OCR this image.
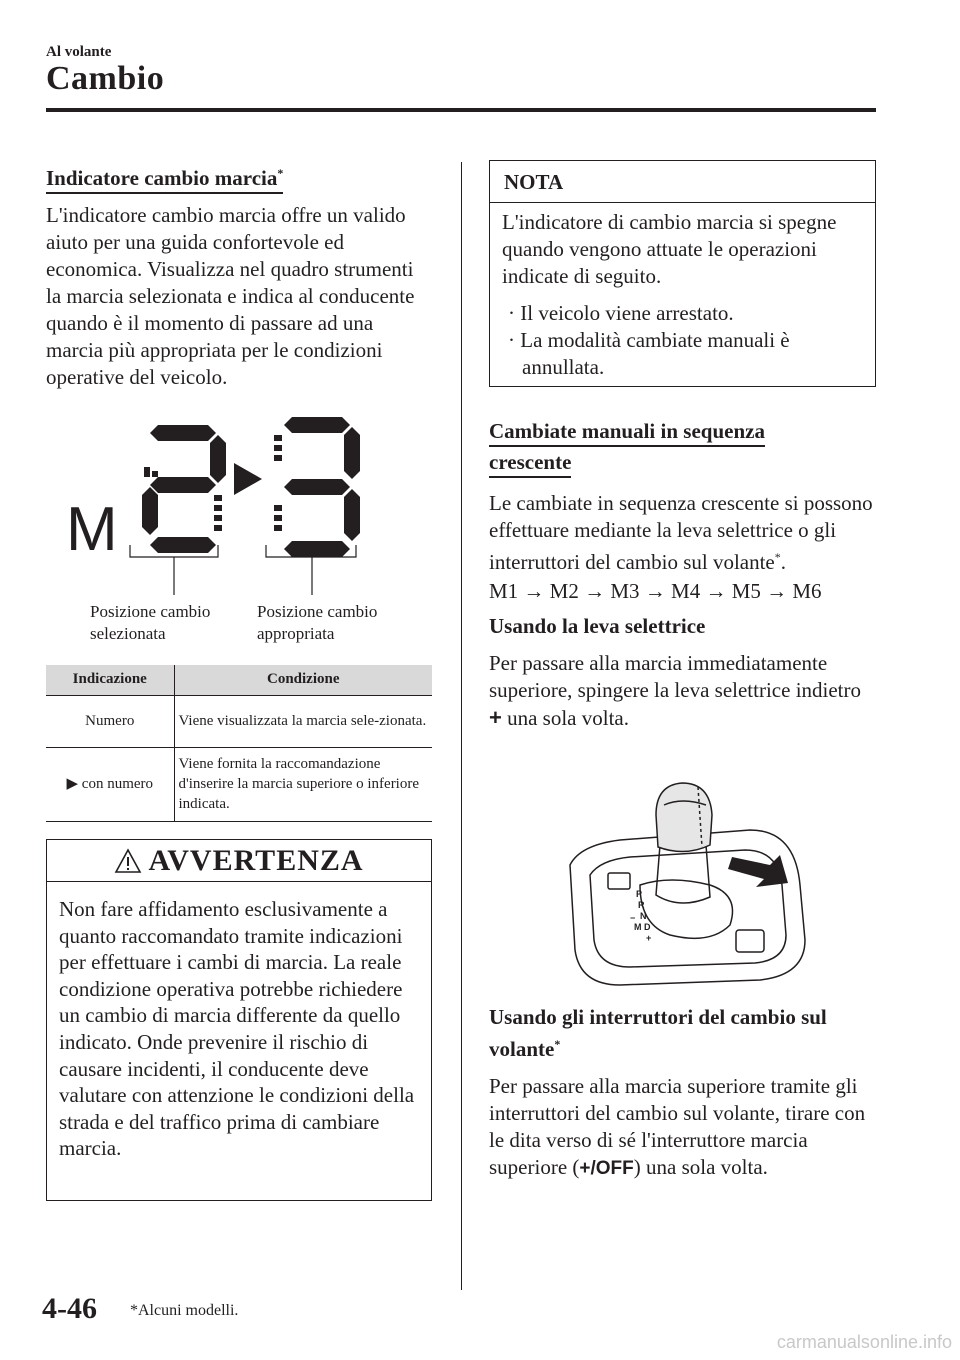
Al volante
Cambio
Indicatore cambio marcia*

L'indicatore cambio marcia offre un valido aiuto per una guida confortevole ed economica. Visualizza nel quadro strumenti la marcia selezionata e indica al conducente quando è il momento di passare ad una marcia più appropriata per le condizioni operative del veicolo.

M
Posizione cambio
selezionata
Posizione cambio
appropriata
Indicazione	Condizione
Numero	Viene visualizzata la marcia sele-zionata.
▶ con numero	Viene fornita la raccomandazione d'inserire la marcia superiore o inferiore indicata.
AVVERTENZA

Non fare affidamento esclusivamente a quanto raccomandato tramite indicazioni per effettuare i cambi di marcia. La reale condizione operativa potrebbe richiedere un cambio di marcia differente da quello indicato. Onde prevenire il rischio di causare incidenti, il conducente deve valutare con attenzione le condizioni della strada e del traffico prima di cambiare marcia.

NOTA

L'indicatore di cambio marcia si spegne quando vengono attuate le operazioni indicate di seguito.

· Il veicolo viene arrestato.

· La modalità cambiate manuali è annullata.

Cambiate manuali in sequenza
crescente

Le cambiate in sequenza crescente si possono effettuare mediante la leva selettrice o gli interruttori del cambio sul volante*.

M1 → M2 → M3 → M4 → M5 → M6

Usando la leva selettrice

Per passare alla marcia immediatamente superiore, spingere la leva selettrice indietro + una sola volta.

P
R
N
D
M
+
−

Usando gli interruttori del cambio sul volante*

Per passare alla marcia superiore tramite gli interruttori del cambio sul volante, tirare con le dita verso di sé l'interruttore marcia superiore (+/OFF) una sola volta.

4-46 *Alcuni modelli.
carmanualsonline.info
